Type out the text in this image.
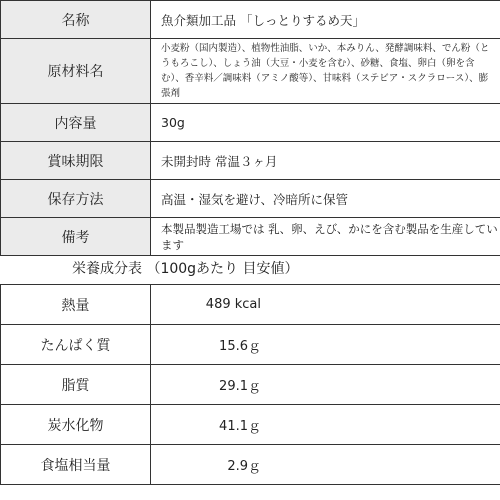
名称	魚介類加工品 「しっとりするめ天」
原材料名	小麦粉（国内製造）、植物性油脂、いか、本みりん、発酵調味料、でん粉（とうもろこし）、しょう油（大豆・小麦を含む）、砂糖、食塩、卵白（卵を含む）、香辛料／調味料（アミノ酸等）、甘味料（ステビア・スクラロース）、膨張剤
内容量	30g
賞味期限	未開封時 常温３ヶ月
保存方法	高温・湿気を避け、冷暗所に保管
備考	本製品製造工場では 乳、卵、えび、かにを含む製品を生産しています
栄養成分表 （100gあたり 目安値）
熱量	489 kcal
たんぱく質	15.6ｇ
脂質	29.1ｇ
炭水化物	41.1ｇ
食塩相当量	2.9ｇ
